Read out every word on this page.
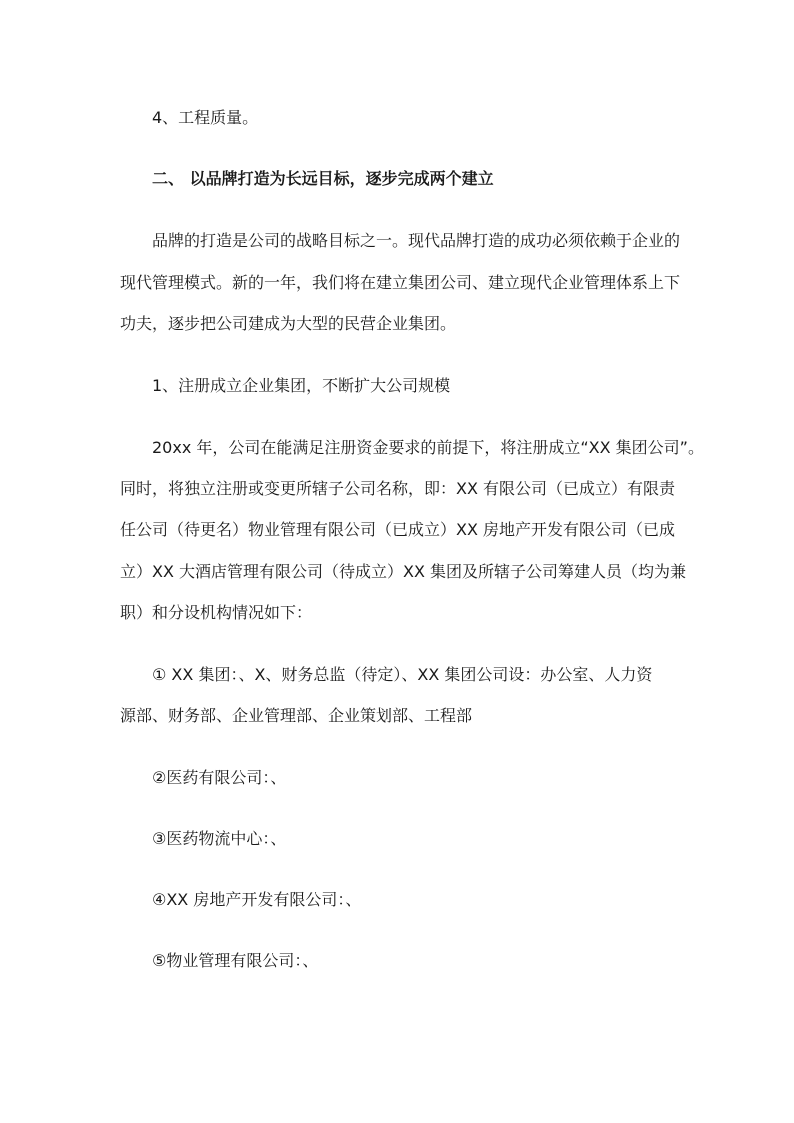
4、工程质量。
二、 以品牌打造为长远目标，逐步完成两个建立
品牌的打造是公司的战略目标之一。现代品牌打造的成功必须依赖于企业的
现代管理模式。新的一年，我们将在建立集团公司、建立现代企业管理体系上下
功夫，逐步把公司建成为大型的民营企业集团。
1、注册成立企业集团，不断扩大公司规模
20xx 年，公司在能满足注册资金要求的前提下，将注册成立“XX 集团公司”。
同时，将独立注册或变更所辖子公司名称，即：XX 有限公司（已成立）有限责
任公司（待更名）物业管理有限公司（已成立）XX 房地产开发有限公司（已成
立）XX 大酒店管理有限公司（待成立）XX 集团及所辖子公司筹建人员（均为兼
职）和分设机构情况如下：
① XX 集团：、X、财务总监（待定）、XX 集团公司设：办公室、人力资
源部、财务部、企业管理部、企业策划部、工程部
②医药有限公司：、
③医药物流中心：、
④XX 房地产开发有限公司：、
⑤物业管理有限公司：、
